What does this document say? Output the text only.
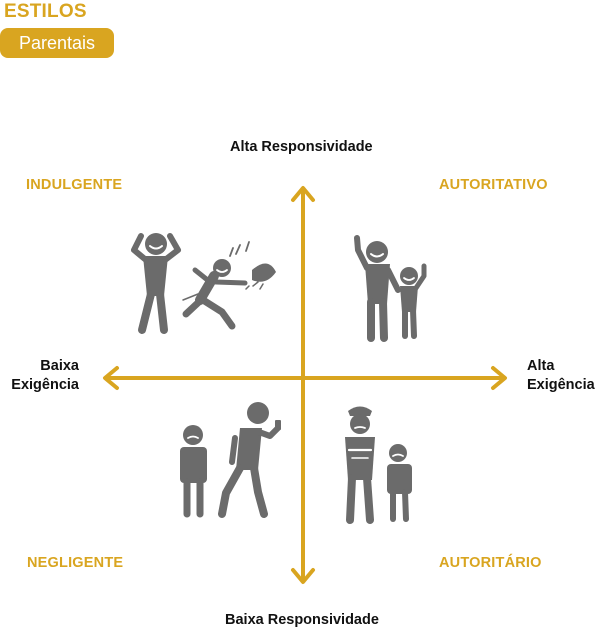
ESTILOS
Parentais
Alta Responsividade
Baixa Responsividade
Baixa
Exigência
Alta
Exigência
INDULGENTE	AUTORITATIVO
NEGLIGENTE	AUTORITÁRIO
